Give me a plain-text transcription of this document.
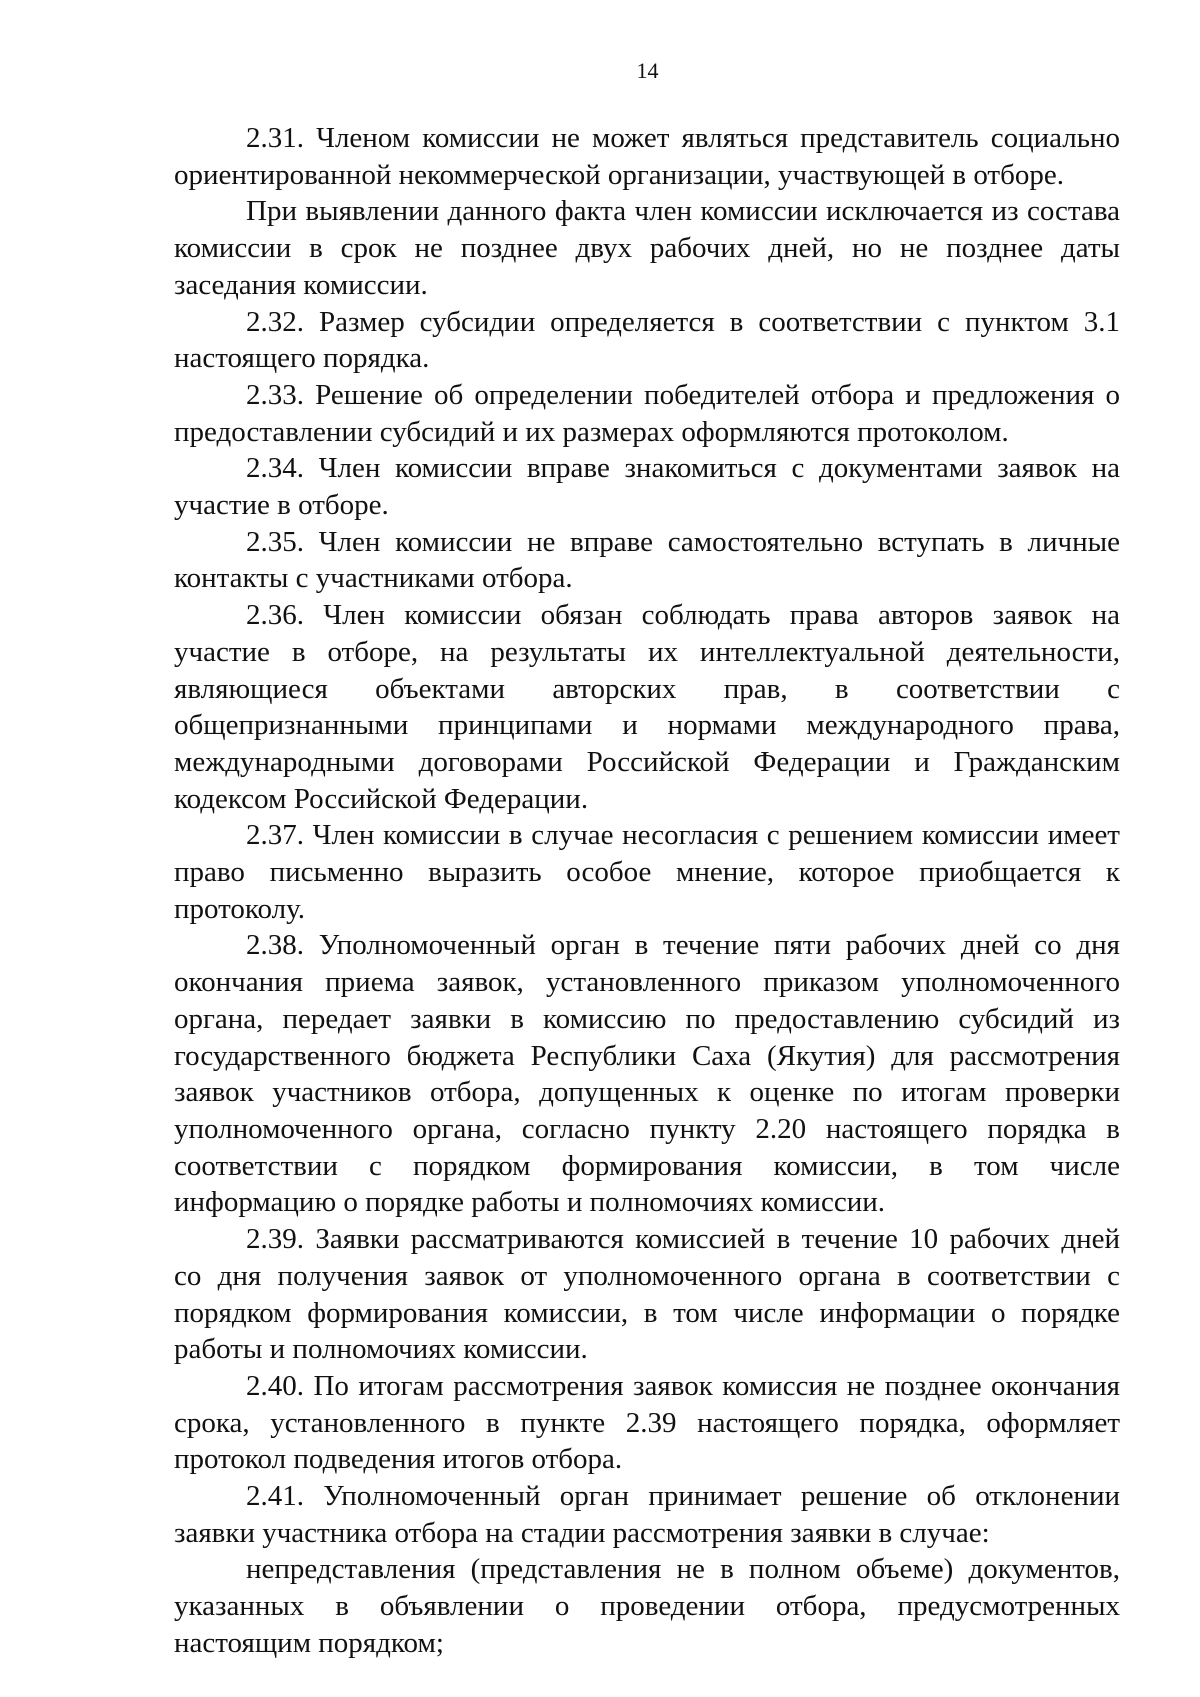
14

2.31. Членом комиссии не может являться представитель социально ориентированной некоммерческой организации, участвующей в отборе.

При выявлении данного факта член комиссии исключается из состава комиссии в срок не позднее двух рабочих дней, но не позднее даты заседания комиссии.

2.32. Размер субсидии определяется в соответствии с пунктом 3.1 настоящего порядка.

2.33. Решение об определении победителей отбора и предложения о предоставлении субсидий и их размерах оформляются протоколом.

2.34. Член комиссии вправе знакомиться с документами заявок на участие в отборе.

2.35. Член комиссии не вправе самостоятельно вступать в личные контакты с участниками отбора.

2.36. Член комиссии обязан соблюдать права авторов заявок на участие в отборе, на результаты их интеллектуальной деятельности, являющиеся объектами авторских прав, в соответствии с общепризнанными принципами и нормами международного права, международными договорами Российской Федерации и Гражданским кодексом Российской Федерации.

2.37. Член комиссии в случае несогласия с решением комиссии имеет право письменно выразить особое мнение, которое приобщается к протоколу.

2.38. Уполномоченный орган в течение пяти рабочих дней со дня окончания приема заявок, установленного приказом уполномоченного органа, передает заявки в комиссию по предоставлению субсидий из государственного бюджета Республики Саха (Якутия) для рассмотрения заявок участников отбора, допущенных к оценке по итогам проверки уполномоченного органа, согласно пункту 2.20 настоящего порядка в соответствии с порядком формирования комиссии, в том числе информацию о порядке работы и полномочиях комиссии.

2.39. Заявки рассматриваются комиссией в течение 10 рабочих дней со дня получения заявок от уполномоченного органа в соответствии с порядком формирования комиссии, в том числе информации о порядке работы и полномочиях комиссии.

2.40. По итогам рассмотрения заявок комиссия не позднее окончания срока, установленного в пункте 2.39 настоящего порядка, оформляет протокол подведения итогов отбора.

2.41. Уполномоченный орган принимает решение об отклонении заявки участника отбора на стадии рассмотрения заявки в случае:

непредставления (представления не в полном объеме) документов, указанных в объявлении о проведении отбора, предусмотренных настоящим порядком;
